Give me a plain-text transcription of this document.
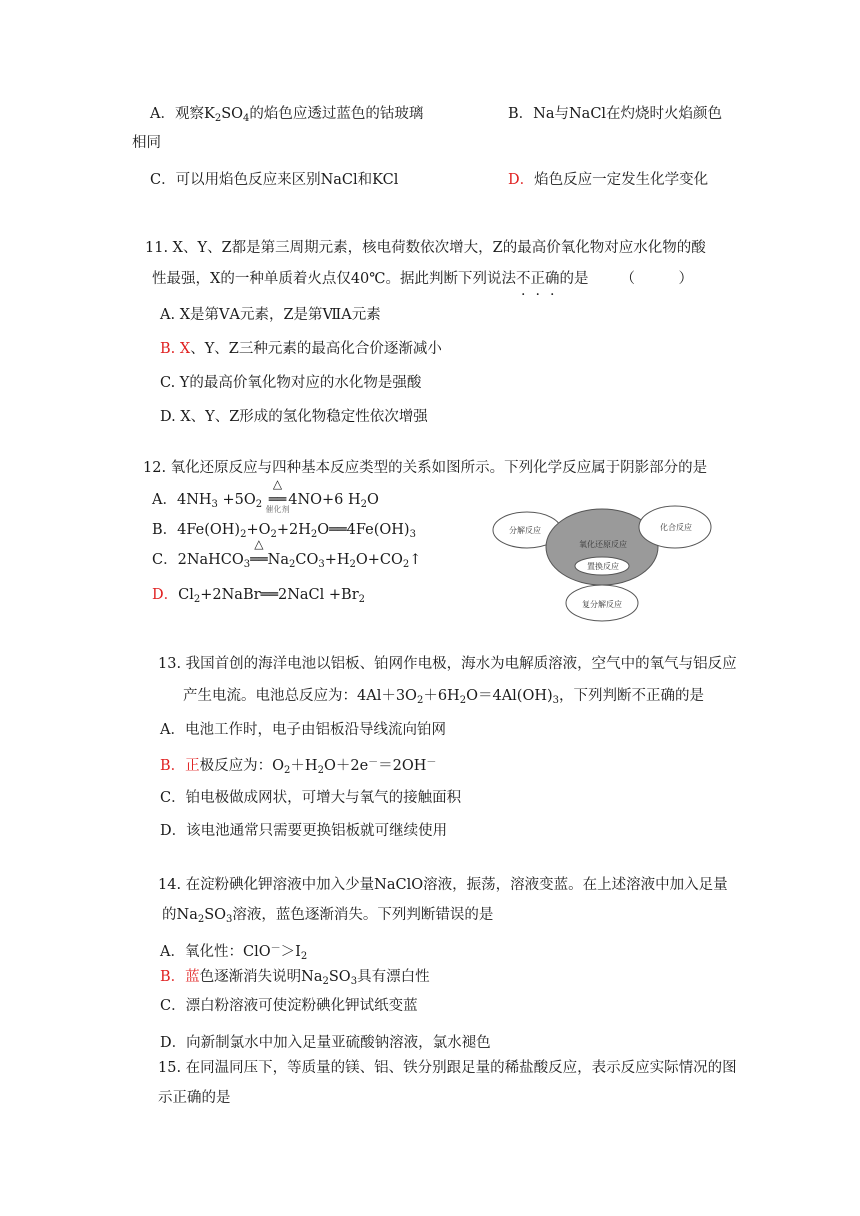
A．观察$K_2SO_4$的焰色应透过蓝色的钴玻璃	B．Na与NaCl在灼烧时火焰颜色
相同
C．可以用焰色反应来区别NaCl和KCl	D．焰色反应一定发生化学变化
11. X、Y、Z都是第三周期元素，核电荷数依次增大，Z的最高价氧化物对应水化物的酸
性最强，X的一种单质着火点仅40℃。据此判断下列说法不正确的是 （　　　）
A. X是第ⅤA元素，Z是第ⅦA元素
B. X、Y、Z三种元素的最高化合价逐渐减小
C. Y的最高价氧化物对应的水化物是强酸
D. X、Y、Z形成的氢化物稳定性依次增强
12. 氧化还原反应与四种基本反应类型的关系如图所示。下列化学反应属于阴影部分的是
A．$4NH_3 +5O_2$
△
══
催化剂
4NO+6 $H_2O$
B．$4Fe(OH)_2+O_2+2H_2O══4Fe(OH)_3$
C．2NaHCO$_3$
△
$══Na_2CO_3+H_2O+CO_2↑$
D．$Cl_2+2NaBr══2NaCl +Br_2$
分解反应	化合反应
氧化还原反应
置换反应
复分解反应
13. 我国首创的海洋电池以铝板、铂网作电极，海水为电解质溶液，空气中的氧气与铝反应
产生电流。电池总反应为：$4Al+3O_2+6H_2O=4Al(OH)_3$，下列判断不正确的是
A．电池工作时，电子由铝板沿导线流向铂网
B．正极反应为：$O_2+H_2O+2e^-=2OH^-$
C．铂电极做成网状，可增大与氧气的接触面积
D．该电池通常只需要更换铝板就可继续使用
14. 在淀粉碘化钾溶液中加入少量NaClO溶液，振荡，溶液变蓝。在上述溶液中加入足量
的$Na_2SO_3$溶液，蓝色逐渐消失。下列判断错误的是
A．氧化性：$ClO^->I_2$
B．蓝色逐渐消失说明$Na_2SO_3$具有漂白性
C．漂白粉溶液可使淀粉碘化钾试纸变蓝
D．向新制氯水中加入足量亚硫酸钠溶液，氯水褪色
15. 在同温同压下，等质量的镁、铝、铁分别跟足量的稀盐酸反应，表示反应实际情况的图
示正确的是
